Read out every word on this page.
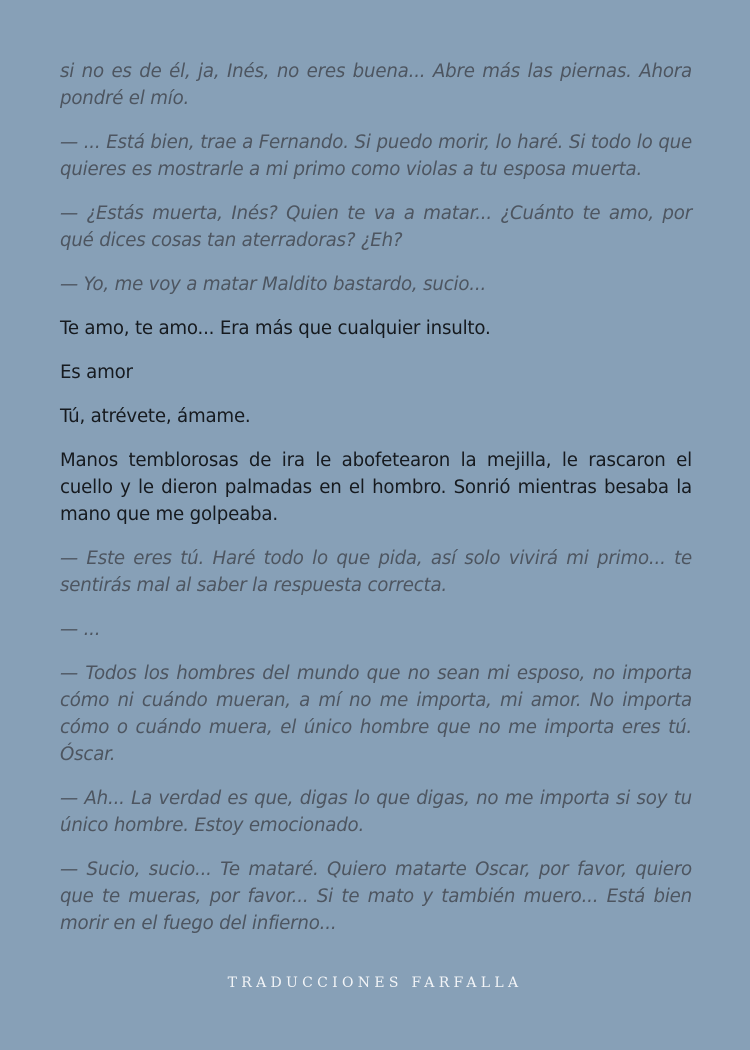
si no es de él, ja, Inés, no eres buena... Abre más las piernas. Ahora pondré el mío.

— ... Está bien, trae a Fernando. Si puedo morir, lo haré. Si todo lo que quieres es mostrarle a mi primo como violas a tu esposa muerta.

— ¿Estás muerta, Inés? Quien te va a matar... ¿Cuánto te amo, por qué dices cosas tan aterradoras? ¿Eh?

— Yo, me voy a matar Maldito bastardo, sucio...

Te amo, te amo... Era más que cualquier insulto.

Es amor

Tú, atrévete, ámame.

Manos temblorosas de ira le abofetearon la mejilla, le rascaron el cuello y le dieron palmadas en el hombro. Sonrió mientras besaba la mano que me golpeaba.

— Este eres tú. Haré todo lo que pida, así solo vivirá mi primo... te sentirás mal al saber la respuesta correcta.

— ...

— Todos los hombres del mundo que no sean mi esposo, no importa cómo ni cuándo mueran, a mí no me importa, mi amor. No importa cómo o cuándo muera, el único hombre que no me importa eres tú. Óscar.

— Ah... La verdad es que, digas lo que digas, no me importa si soy tu único hombre. Estoy emocionado.

— Sucio, sucio... Te mataré. Quiero matarte Oscar, por favor, quiero que te mueras, por favor... Si te mato y también muero... Está bien morir en el fuego del infierno...

TRADUCCIONES FARFALLA
